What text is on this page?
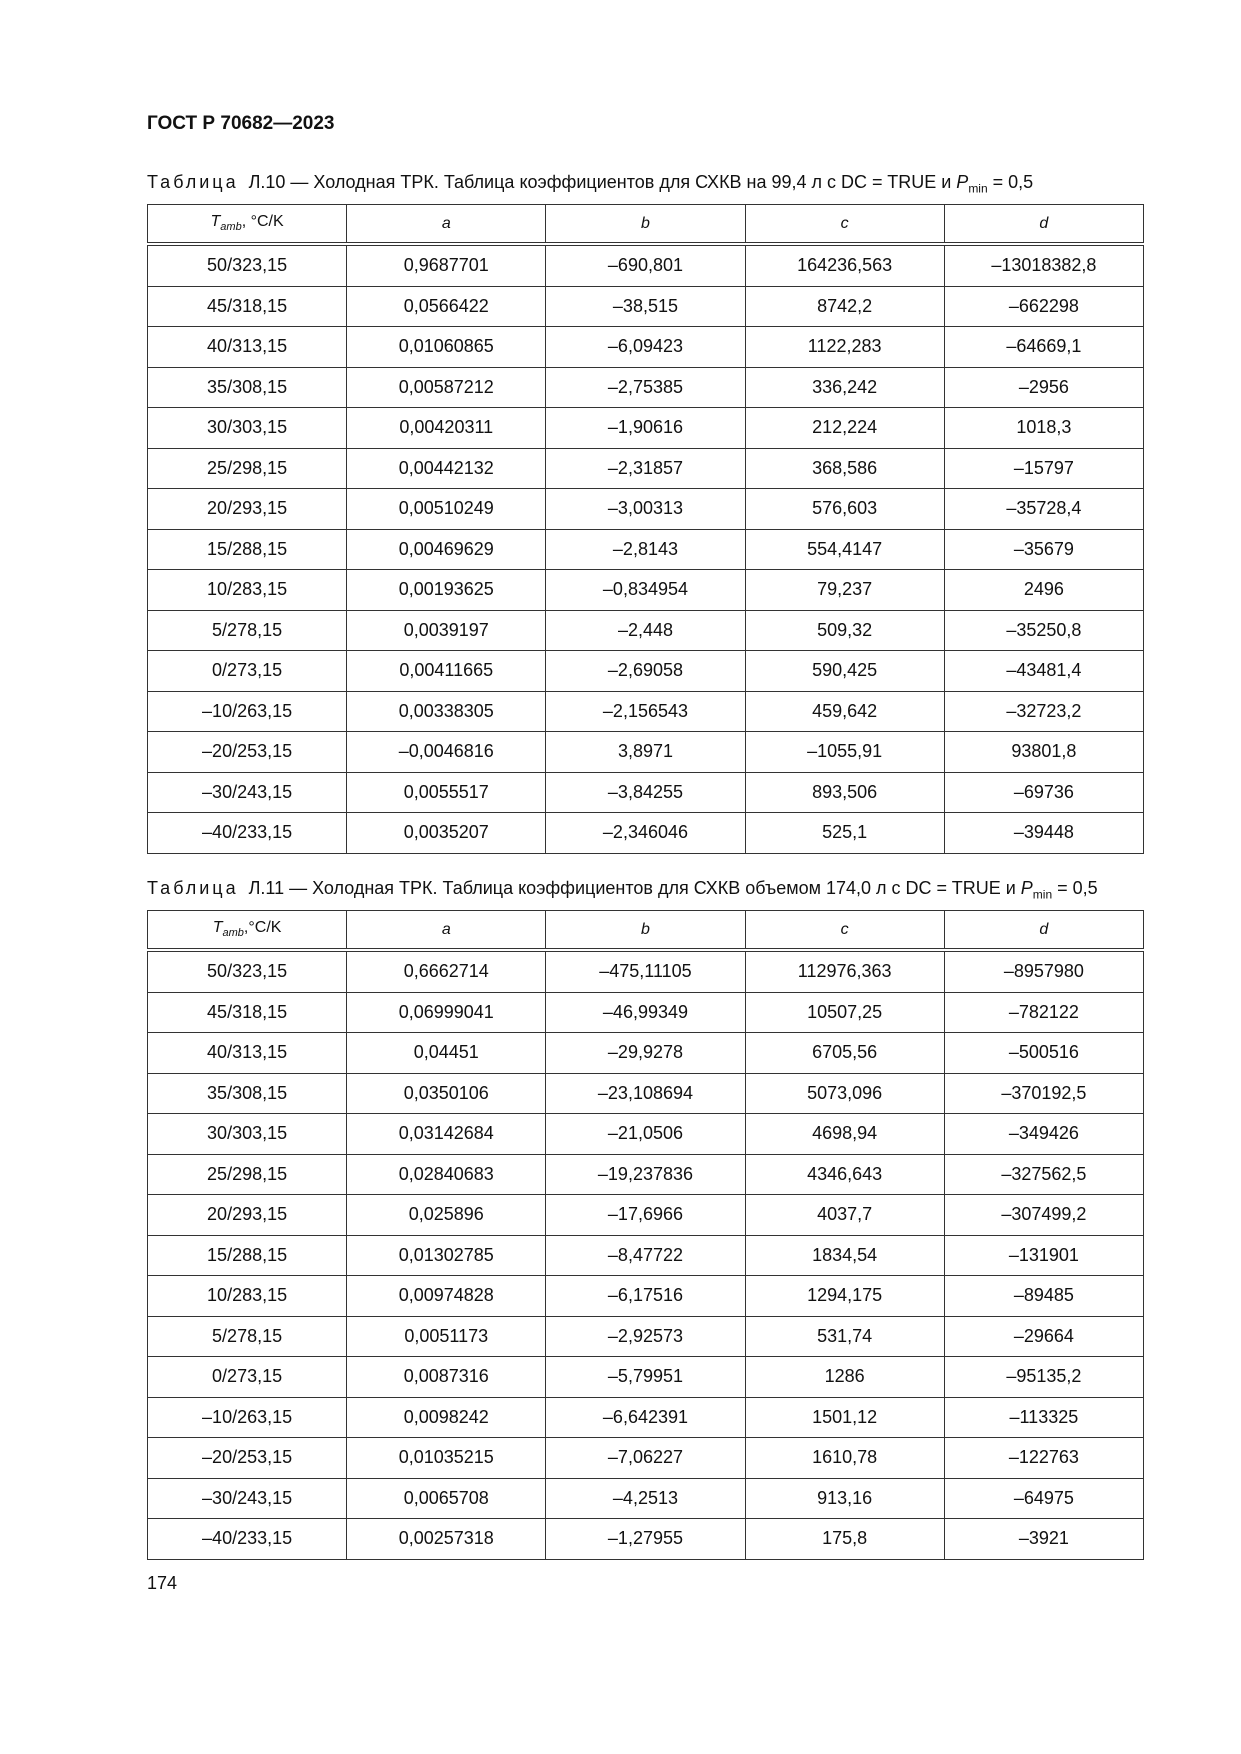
ГОСТ Р 70682—2023
Таблица Л.10 — Холодная ТРК. Таблица коэффициентов для СХКВ на 99,4 л с DC = TRUE и $P_{min} = 0,5$
$T_{amb}$, °C/K	a	b	c	d
50/323,15	0,9687701	–690,801	164236,563	–13018382,8
45/318,15	0,0566422	–38,515	8742,2	–662298
40/313,15	0,01060865	–6,09423	1122,283	–64669,1
35/308,15	0,00587212	–2,75385	336,242	–2956
30/303,15	0,00420311	–1,90616	212,224	1018,3
25/298,15	0,00442132	–2,31857	368,586	–15797
20/293,15	0,00510249	–3,00313	576,603	–35728,4
15/288,15	0,00469629	–2,8143	554,4147	–35679
10/283,15	0,00193625	–0,834954	79,237	2496
5/278,15	0,0039197	–2,448	509,32	–35250,8
0/273,15	0,00411665	–2,69058	590,425	–43481,4
–10/263,15	0,00338305	–2,156543	459,642	–32723,2
–20/253,15	–0,0046816	3,8971	–1055,91	93801,8
–30/243,15	0,0055517	–3,84255	893,506	–69736
–40/233,15	0,0035207	–2,346046	525,1	–39448
Таблица Л.11 — Холодная ТРК. Таблица коэффициентов для СХКВ объемом 174,0 л с DC = TRUE и $P_{min} = 0,5$
$T_{amb},^\circ C/K$	a	b	c	d
50/323,15	0,6662714	–475,11105	112976,363	–8957980
45/318,15	0,06999041	–46,99349	10507,25	–782122
40/313,15	0,04451	–29,9278	6705,56	–500516
35/308,15	0,0350106	–23,108694	5073,096	–370192,5
30/303,15	0,03142684	–21,0506	4698,94	–349426
25/298,15	0,02840683	–19,237836	4346,643	–327562,5
20/293,15	0,025896	–17,6966	4037,7	–307499,2
15/288,15	0,01302785	–8,47722	1834,54	–131901
10/283,15	0,00974828	–6,17516	1294,175	–89485
5/278,15	0,0051173	–2,92573	531,74	–29664
0/273,15	0,0087316	–5,79951	1286	–95135,2
–10/263,15	0,0098242	–6,642391	1501,12	–113325
–20/253,15	0,01035215	–7,06227	1610,78	–122763
–30/243,15	0,0065708	–4,2513	913,16	–64975
–40/233,15	0,00257318	–1,27955	175,8	–3921
174
